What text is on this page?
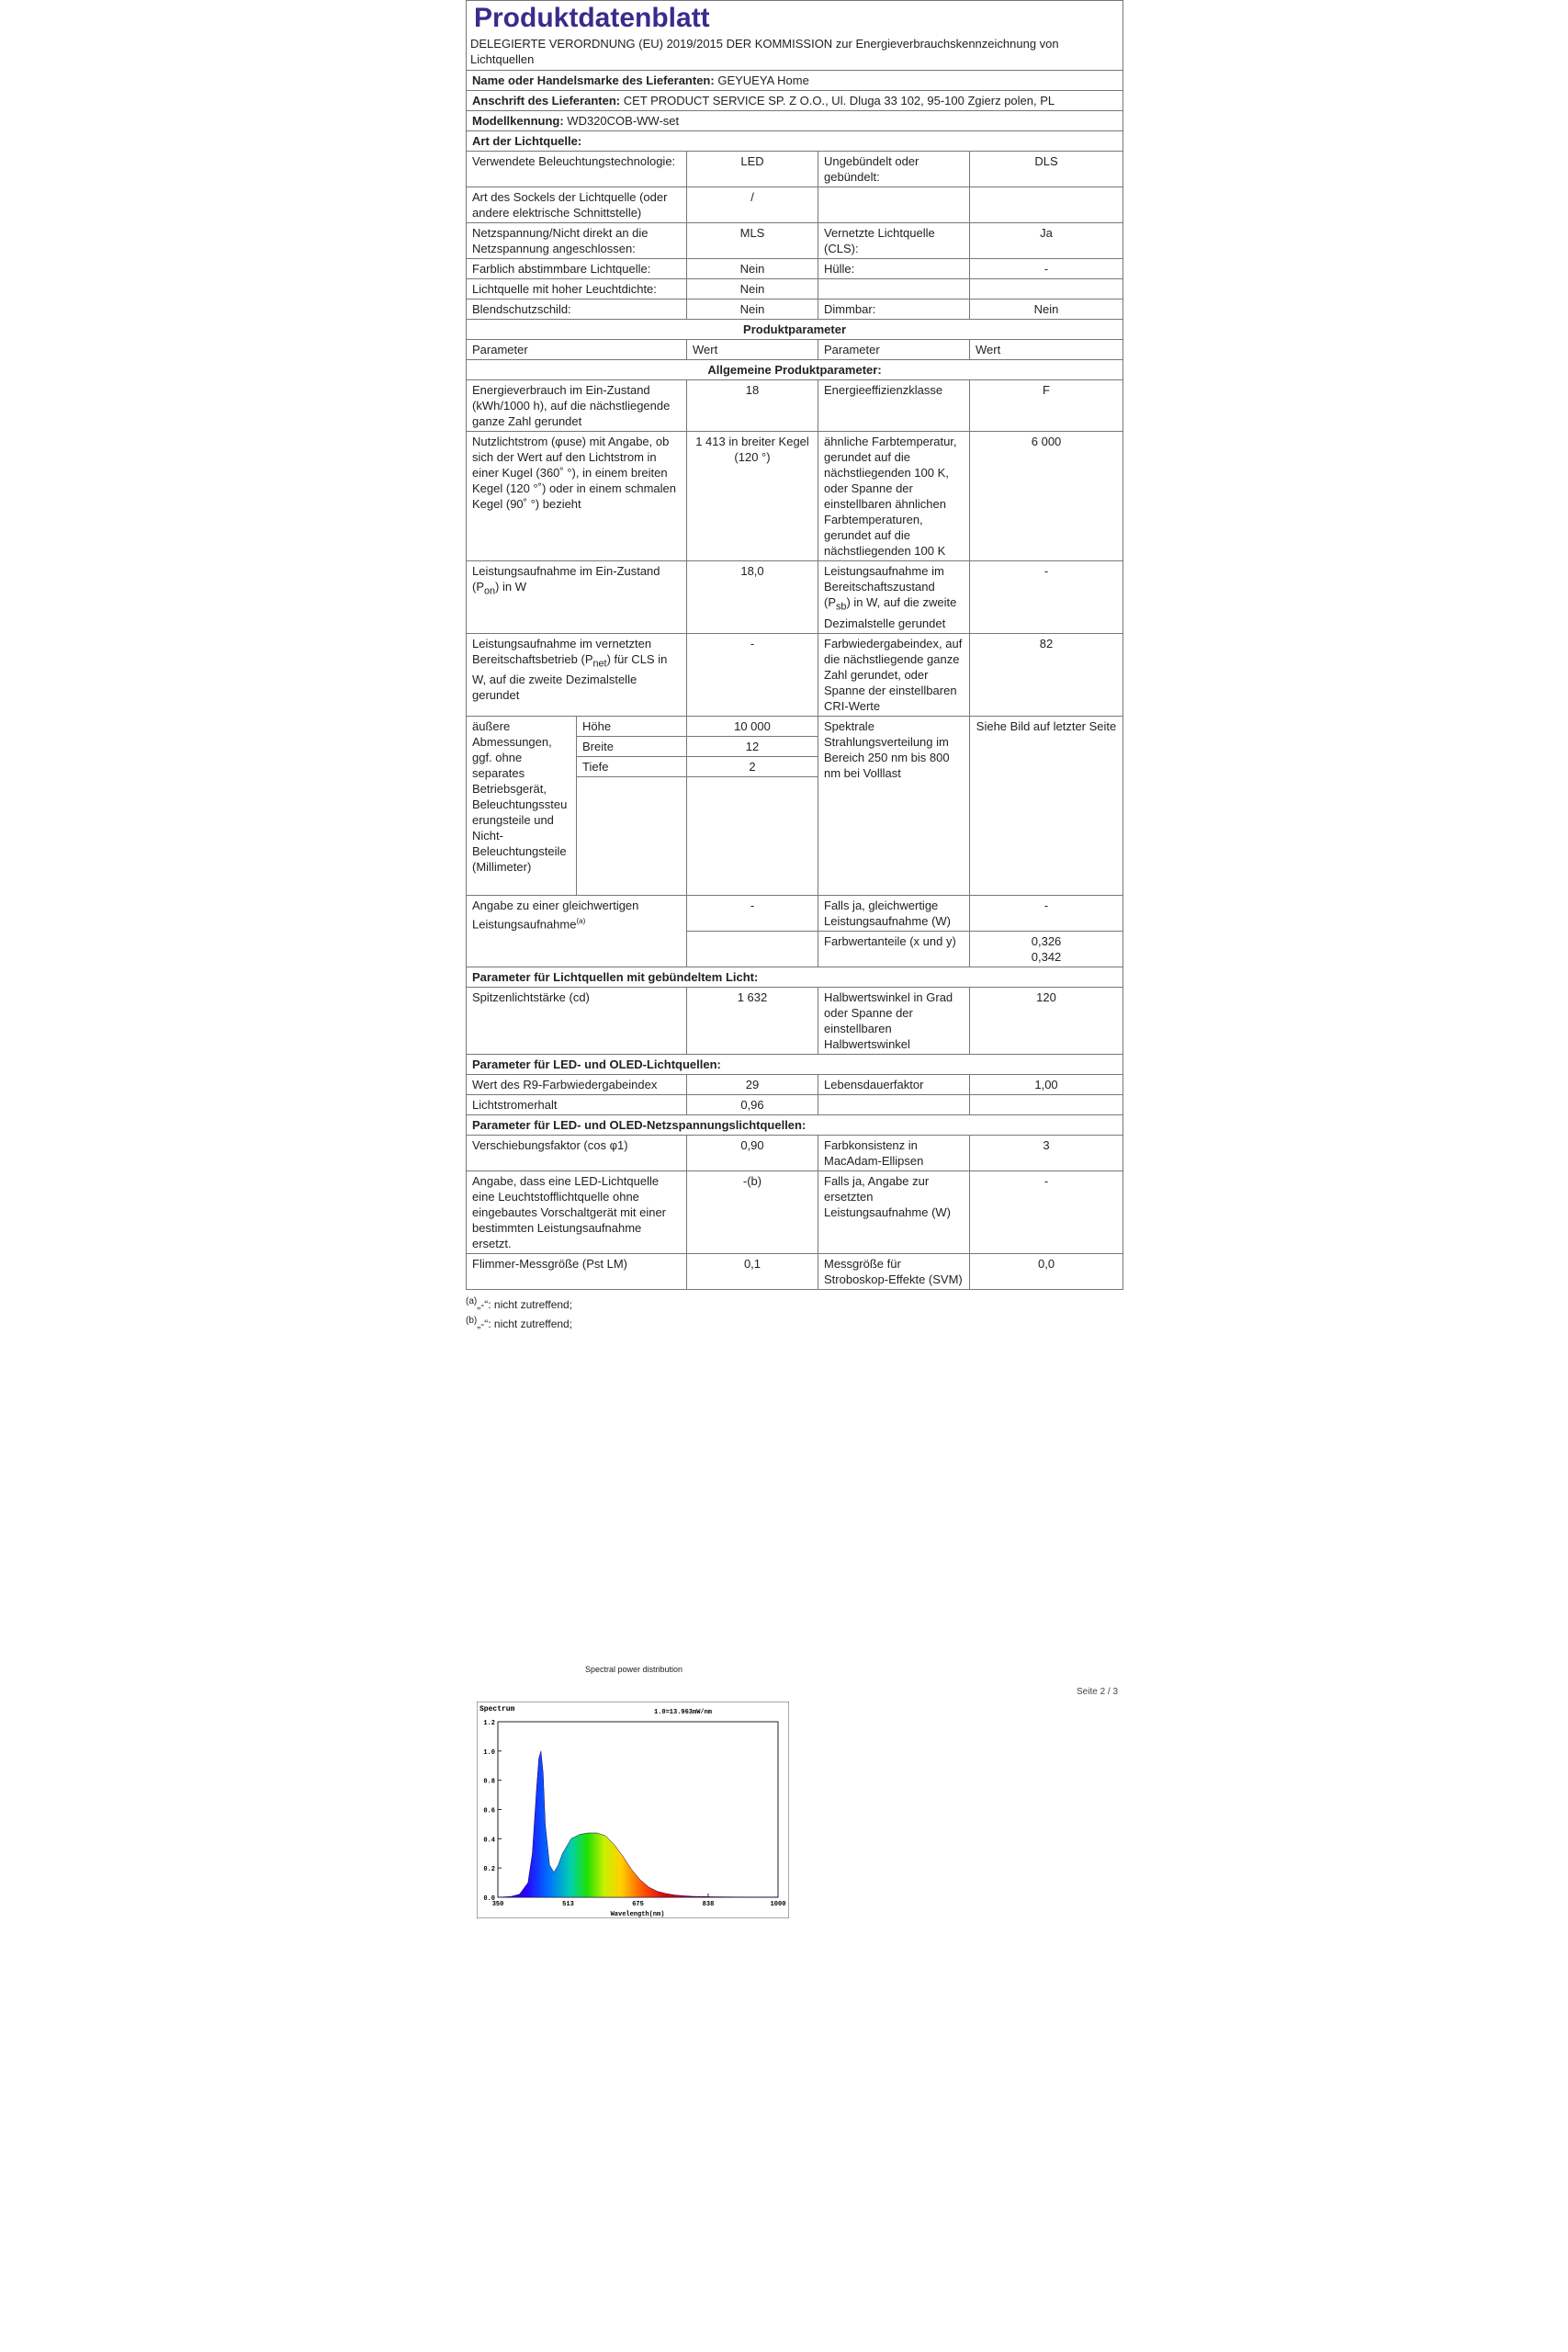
Produktdatenblatt
DELEGIERTE VERORDNUNG (EU) 2019/2015 DER KOMMISSION zur Energieverbrauchskennzeichnung von Lichtquellen				

Name oder Handelsmarke des Lieferanten: GEYUEYA Home				
Anschrift des Lieferanten: CET PRODUCT SERVICE SP. Z O.O., Ul. Dluga 33 102, 95-100 Zgierz polen, PL				
Modellkennung: WD320COB-WW-set				
Art der Lichtquelle:				
Verwendete Beleuchtungstechnologie:		LED	Ungebündelt oder gebündelt:	DLS
Art des Sockels der Lichtquelle (oder andere elektrische Schnittstelle)		/		
Netzspannung/Nicht direkt an die Netzspannung angeschlossen:		MLS	Vernetzte Lichtquelle (CLS):	Ja
Farblich abstimmbare Lichtquelle:		Nein	Hülle:	-
Lichtquelle mit hoher Leuchtdichte:		Nein		
Blendschutzschild:		Nein	Dimmbar:	Nein
Produktparameter				
Parameter		Wert	Parameter	Wert
Allgemeine Produktparameter:				
Energieverbrauch im Ein-Zustand (kWh/1000 h), auf die nächstliegende ganze Zahl gerundet		18	Energieeffizienzklasse	F
Nutzlichtstrom (φuse) mit Angabe, ob sich der Wert auf den Lichtstrom in einer Kugel (360˚ °), in einem breiten Kegel (120 °˚) oder in einem schmalen Kegel (90˚ °) bezieht		1 413 in breiter Kegel (120 °)	ähnliche Farbtemperatur, gerundet auf die nächstliegenden 100 K, oder Spanne der einstellbaren ähnlichen Farbtemperaturen, gerundet auf die nächstliegenden 100 K	6 000
Leistungsaufnahme im Ein-Zustand $(P_{on})$ in W		18,0	Leistungsaufnahme im Bereitschaftszustand $(P_{sb})$ in W, auf die zweite Dezimalstelle gerundet	-
Leistungsaufnahme im vernetzten Bereitschaftsbetrieb $(P_{net})$ für CLS in W, auf die zweite Dezimalstelle gerundet		-	Farbwiedergabeindex, auf die nächstliegende ganze Zahl gerundet, oder Spanne der einstellbaren CRI-Werte	82
äußere Abmessungen, ggf. ohne separates Betriebsgerät, Beleuchtungssteuerungsteile und Nicht-Beleuchtungsteile (Millimeter)	Höhe	10 000	Spektrale Strahlungsverteilung im Bereich 250 nm bis 800 nm bei Volllast	Siehe Bild auf letzter Seite
	Breite	12		
	Tiefe	2		

Angabe zu einer gleichwertigen Leistungsaufnahme$^{(a)}$		-	Falls ja, gleichwertige Leistungsaufnahme (W)	-
			Farbwertanteile (x und y)	0,326
0,342

Parameter für Lichtquellen mit gebündeltem Licht:				
Spitzenlichtstärke (cd)		1 632	Halbwertswinkel in Grad oder Spanne der einstellbaren Halbwertswinkel	120
Parameter für LED- und OLED-Lichtquellen:				
Wert des R9-Farbwiedergabeindex		29	Lebensdauerfaktor	1,00
Lichtstromerhalt		0,96		
Parameter für LED- und OLED-Netzspannungslichtquellen:				
Verschiebungsfaktor (cos φ1)		0,90	Farbkonsistenz in MacAdam-Ellipsen	3
Angabe, dass eine LED-Lichtquelle eine Leuchtstofflichtquelle ohne eingebautes Vorschaltgerät mit einer bestimmten Leistungsaufnahme ersetzt.		-(b)	Falls ja, Angabe zur ersetzten Leistungsaufnahme (W)	-
Flimmer-Messgröße (Pst LM)		0,1	Messgröße für Stroboskop-Effekte (SVM)	0,0
$^{(a)}$„-“: nicht zutreffend;
$^{(b)}$„-“: nicht zutreffend;
Spectral power distribution
Seite 2 / 3
Spectrum	1.0=13.963mW/nm
Wavelength(nm)
0.0
0.2
0.4
0.6
0.8
1.0
1.2
350	513	675	838	1000
